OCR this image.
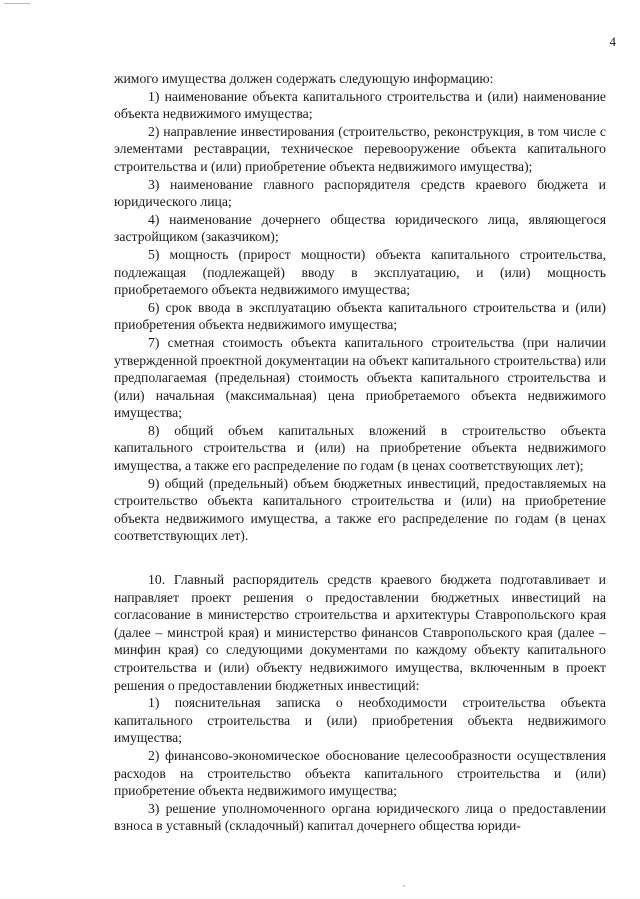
4

жимого имущества должен содержать следующую информацию:

1) наименование объекта капитального строительства и (или) наименование объекта недвижимого имущества;

2) направление инвестирования (строительство, реконструкция, в том числе с элементами реставрации, техническое перевооружение объекта капитального строительства и (или) приобретение объекта недвижимого имущества);

3) наименование главного распорядителя средств краевого бюджета и юридического лица;

4) наименование дочернего общества юридического лица, являющегося застройщиком (заказчиком);

5) мощность (прирост мощности) объекта капитального строительства, подлежащая (подлежащей) вводу в эксплуатацию, и (или) мощность приобретаемого объекта недвижимого имущества;

6) срок ввода в эксплуатацию объекта капитального строительства и (или) приобретения объекта недвижимого имущества;

7) сметная стоимость объекта капитального строительства (при наличии утвержденной проектной документации на объект капитального строительства) или предполагаемая (предельная) стоимость объекта капитального строительства и (или) начальная (максимальная) цена приобретаемого объекта недвижимого имущества;

8) общий объем капитальных вложений в строительство объекта капитального строительства и (или) на приобретение объекта недвижимого имущества, а также его распределение по годам (в ценах соответствующих лет);

9) общий (предельный) объем бюджетных инвестиций, предоставляемых на строительство объекта капитального строительства и (или) на приобретение объекта недвижимого имущества, а также его распределение по годам (в ценах соответствующих лет).

10. Главный распорядитель средств краевого бюджета подготавливает и направляет проект решения о предоставлении бюджетных инвестиций на согласование в министерство строительства и архитектуры Ставропольского края (далее – минстрой края) и министерство финансов Ставропольского края (далее – минфин края) со следующими документами по каждому объекту капитального строительства и (или) объекту недвижимого имущества, включенным в проект решения о предоставлении бюджетных инвестиций:

1) пояснительная записка о необходимости строительства объекта капитального строительства и (или) приобретения объекта недвижимого имущества;

2) финансово-экономическое обоснование целесообразности осуществления расходов на строительство объекта капитального строительства и (или) приобретение объекта недвижимого имущества;

3) решение уполномоченного органа юридического лица о предоставлении взноса в уставный (складочный) капитал дочернего общества юриди-
